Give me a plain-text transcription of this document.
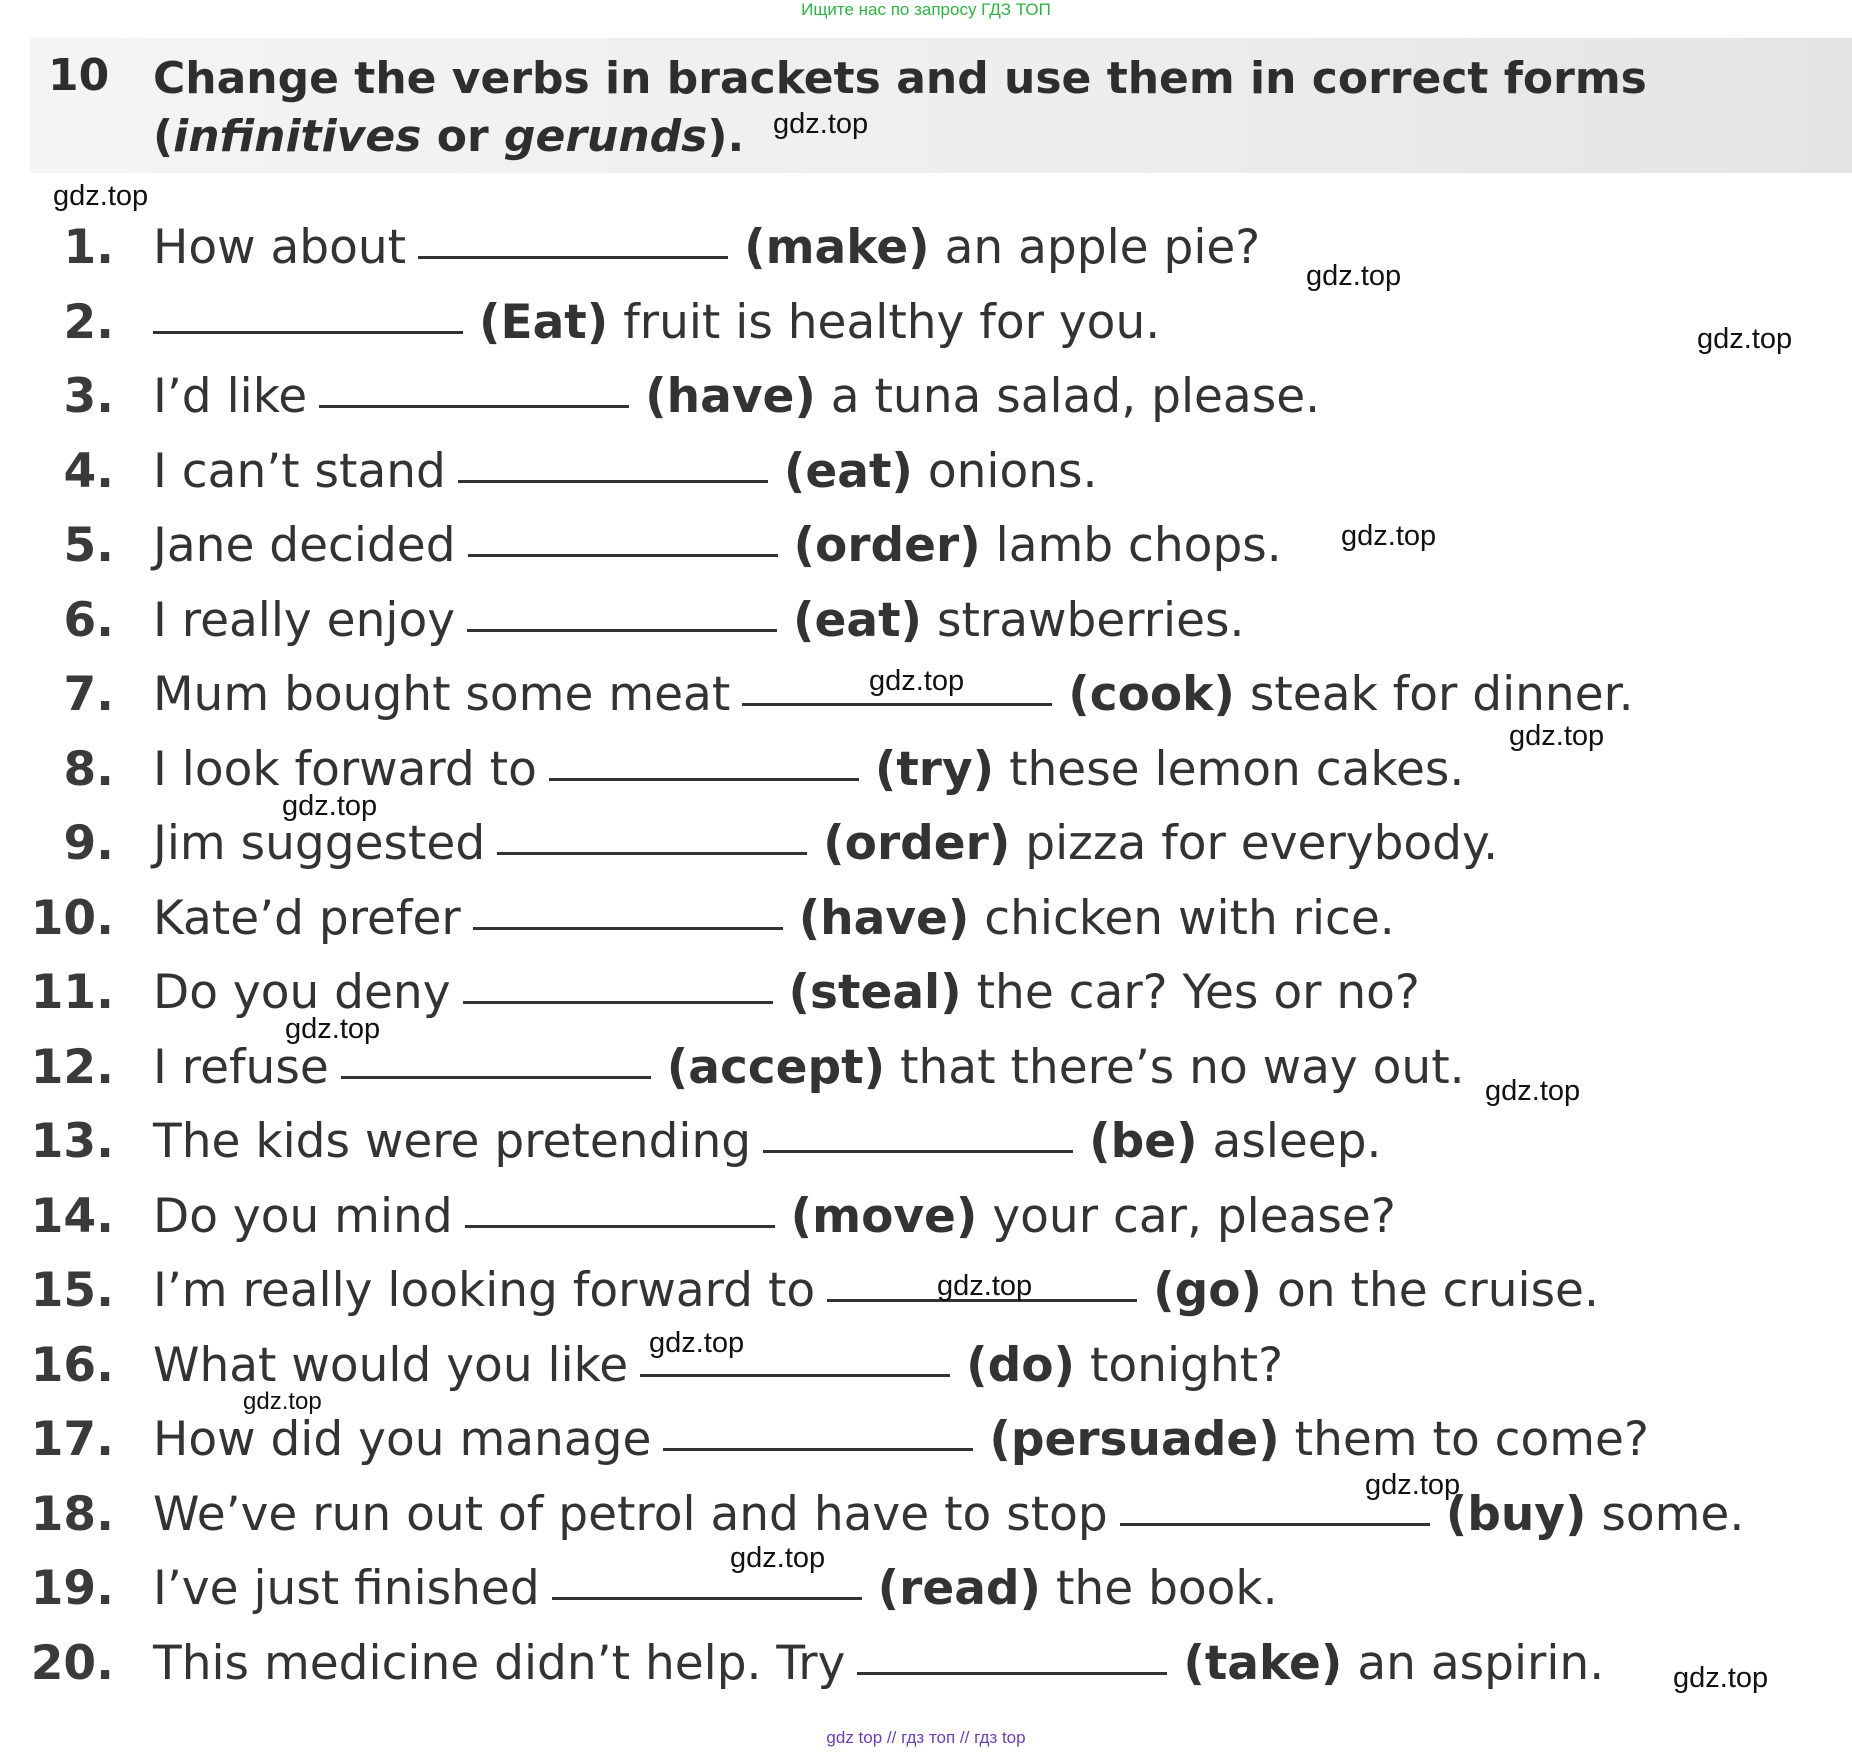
Ищите нас по запросу ГДЗ ТОП
10 Change the verbs in brackets and use them in correct forms
(infinitives or gerunds).
1. How about	(make) an apple pie?
2.	(Eat) fruit is healthy for you.
3. I’d like	(have) a tuna salad, please.
4. I can’t stand	(eat) onions.
5. Jane decided	(order) lamb chops.
6. I really enjoy	(eat) strawberries.
7. Mum bought some meat	(cook) steak for dinner.
8. I look forward to	(try) these lemon cakes.
9. Jim suggested	(order) pizza for everybody.
10. Kate’d prefer	(have) chicken with rice.
11. Do you deny	(steal) the car? Yes or no?
12. I refuse	(accept) that there’s no way out.
13. The kids were pretending	(be) asleep.
14. Do you mind	(move) your car, please?
15. I’m really looking forward to	(go) on the cruise.
16. What would you like	(do) tonight?
17. How did you manage	(persuade) them to come?
18. We’ve run out of petrol and have to stop	(buy) some.
19. I’ve just finished	(read) the book.
20. This medicine didn’t help. Try	(take) an aspirin.
gdz.top
gdz.top
gdz.top
gdz.top
gdz.top
gdz.top
gdz.top
gdz.top
gdz.top
gdz.top
gdz.top
gdz.top
gdz.top
gdz.top
gdz.top
gdz.top
gdz top // гдз топ // гдз top
